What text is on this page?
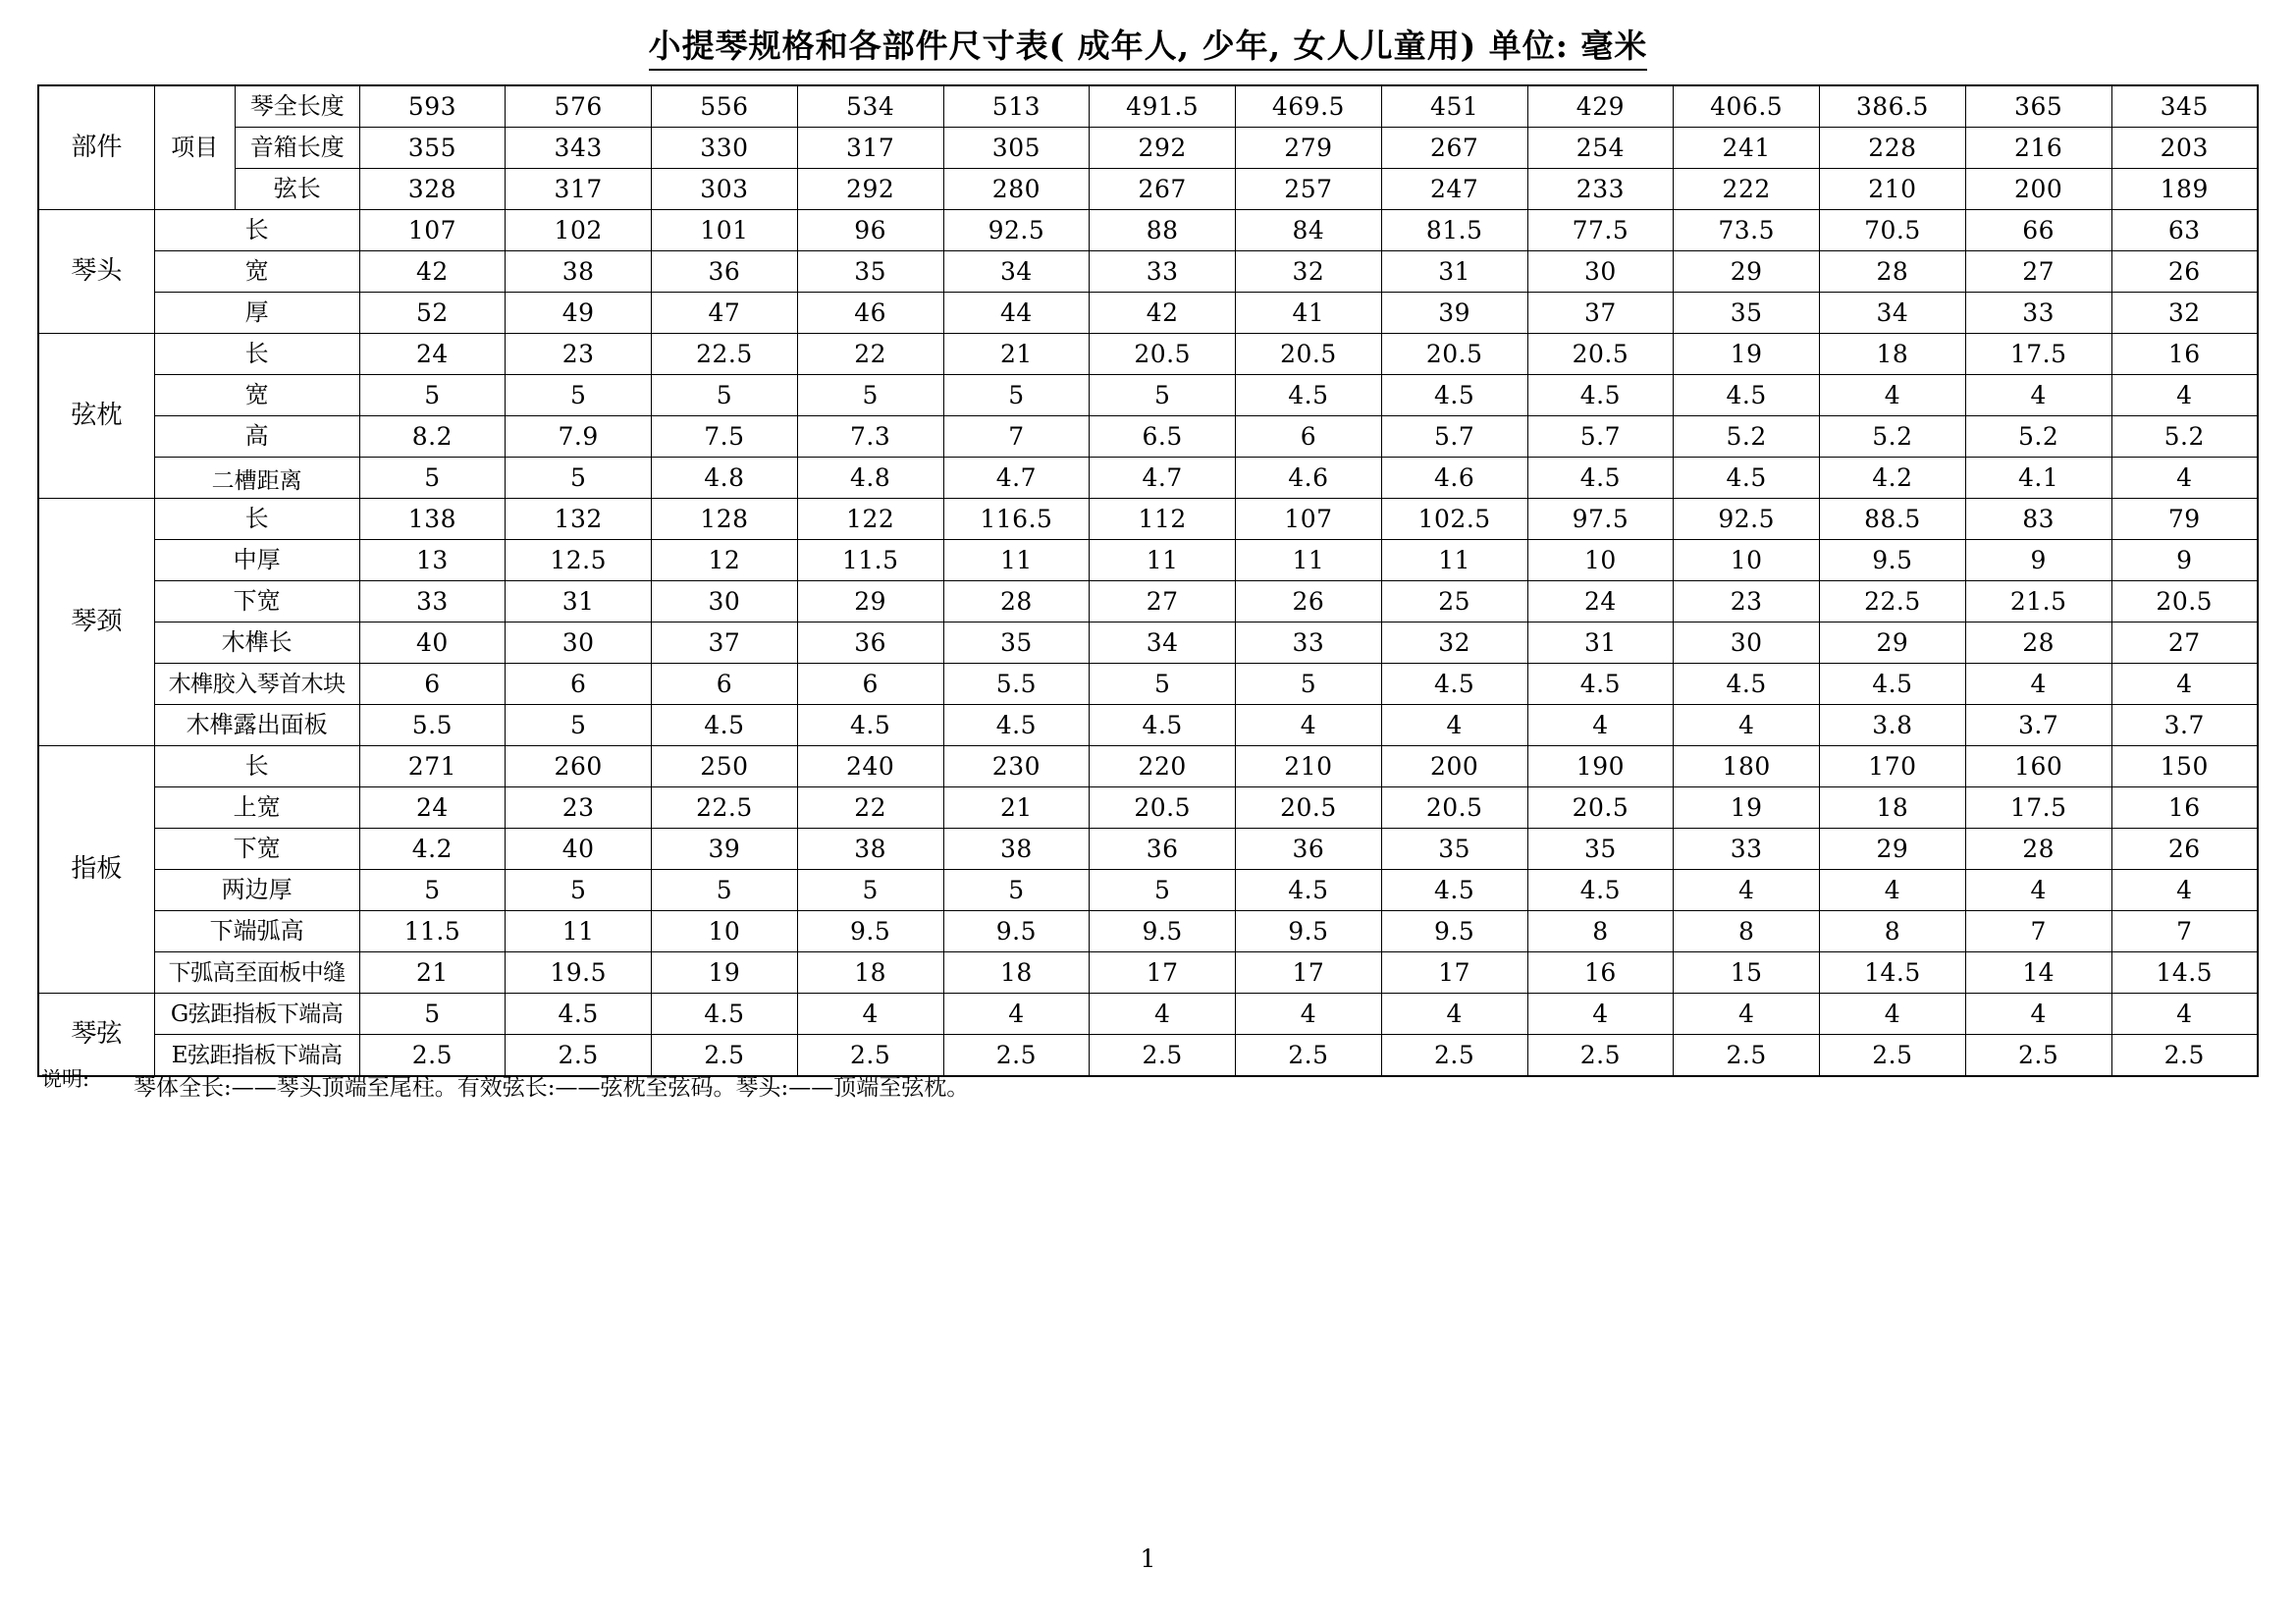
小提琴规格和各部件尺寸表( 成年人, 少年, 女人儿童用) 单位: 毫米
部件	项目	琴全长度	593	576	556	534	513	491.5	469.5	451	429	406.5	386.5	365	345
		音箱长度	355	343	330	317	305	292	279	267	254	241	228	216	203
		弦长	328	317	303	292	280	267	257	247	233	222	210	200	189
琴头	长		107	102	101	96	92.5	88	84	81.5	77.5	73.5	70.5	66	63
	宽		42	38	36	35	34	33	32	31	30	29	28	27	26
	厚		52	49	47	46	44	42	41	39	37	35	34	33	32
弦枕	长		24	23	22.5	22	21	20.5	20.5	20.5	20.5	19	18	17.5	16
	宽		5	5	5	5	5	5	4.5	4.5	4.5	4.5	4	4	4
	高		8.2	7.9	7.5	7.3	7	6.5	6	5.7	5.7	5.2	5.2	5.2	5.2
	二槽距离		5	5	4.8	4.8	4.7	4.7	4.6	4.6	4.5	4.5	4.2	4.1	4
琴颈	长		138	132	128	122	116.5	112	107	102.5	97.5	92.5	88.5	83	79
	中厚		13	12.5	12	11.5	11	11	11	11	10	10	9.5	9	9
	下宽		33	31	30	29	28	27	26	25	24	23	22.5	21.5	20.5
	木榫长		40	30	37	36	35	34	33	32	31	30	29	28	27
	木榫胶入琴首木块		6	6	6	6	5.5	5	5	4.5	4.5	4.5	4.5	4	4
	木榫露出面板		5.5	5	4.5	4.5	4.5	4.5	4	4	4	4	3.8	3.7	3.7
指板	长		271	260	250	240	230	220	210	200	190	180	170	160	150
	上宽		24	23	22.5	22	21	20.5	20.5	20.5	20.5	19	18	17.5	16
	下宽		4.2	40	39	38	38	36	36	35	35	33	29	28	26
	两边厚		5	5	5	5	5	5	4.5	4.5	4.5	4	4	4	4
	下端弧高		11.5	11	10	9.5	9.5	9.5	9.5	9.5	8	8	8	7	7
	下弧高至面板中缝		21	19.5	19	18	18	17	17	17	16	15	14.5	14	14.5
琴弦	G弦距指板下端高		5	4.5	4.5	4	4	4	4	4	4	4	4	4	4
	E弦距指板下端高		2.5	2.5	2.5	2.5	2.5	2.5	2.5	2.5	2.5	2.5	2.5	2.5	2.5
说明: 琴体全长:——琴头顶端至尾柱。有效弦长:——弦枕至弦码。琴头:——顶端至弦枕。
1
